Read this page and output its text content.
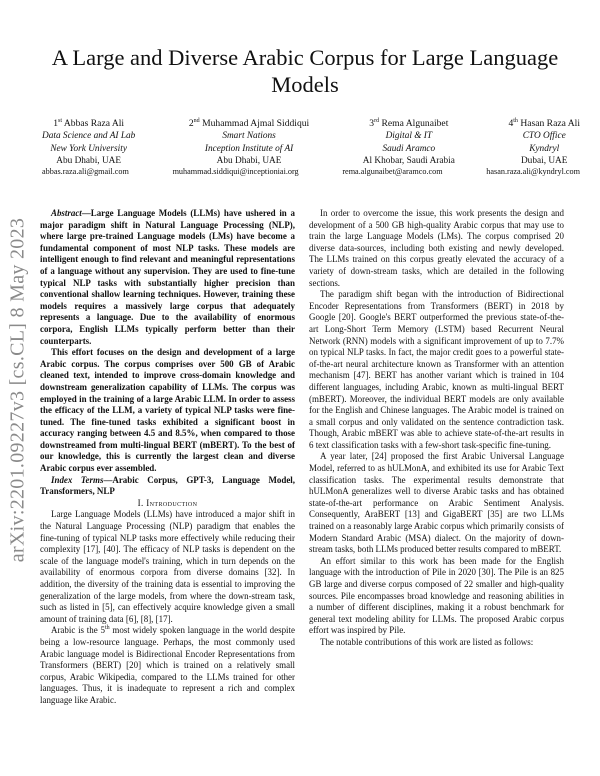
arXiv:2201.09227v3 [cs.CL] 8 May 2023
A Large and Diverse Arabic Corpus for Large Language Models
1st Abbas Raza Ali
Data Science and AI Lab
New York University
Abu Dhabi, UAE
2nd Muhammad Ajmal Siddiqui
Smart Nations
Inception Institute of AI
Abu Dhabi, UAE
3rd Rema Algunaibet
Digital & IT
Saudi Aramco
Al Khobar, Saudi Arabia
4th Hasan Raza Ali
CTO Office
Kyndryl
Dubai, UAE
abbas.raza.ali@gmail.com	muhammad.siddiqui@inceptioniai.org	rema.algunaibet@aramco.com	hasan.raza.ali@kyndryl.com

Abstract—Large Language Models (LLMs) have ushered in a major paradigm shift in Natural Language Processing (NLP), where large pre-trained Language models (LMs) have become a fundamental component of most NLP tasks. These models are intelligent enough to find relevant and meaningful representations of a language without any supervision. They are used to fine-tune typical NLP tasks with substantially higher precision than conventional shallow learning techniques. However, training these models requires a massively large corpus that adequately represents a language. Due to the availability of enormous corpora, English LLMs typically perform better than their counterparts.

This effort focuses on the design and development of a large Arabic corpus. The corpus comprises over 500 GB of Arabic cleaned text, intended to improve cross-domain knowledge and downstream generalization capability of LLMs. The corpus was employed in the training of a large Arabic LLM. In order to assess the efficacy of the LLM, a variety of typical NLP tasks were fine-tuned. The fine-tuned tasks exhibited a significant boost in accuracy ranging between 4.5 and 8.5%, when compared to those downstreamed from multi-lingual BERT (mBERT). To the best of our knowledge, this is currently the largest clean and diverse Arabic corpus ever assembled.

Index Terms—Arabic Corpus, GPT-3, Language Model, Transformers, NLP

I. Introduction

Large Language Models (LLMs) have introduced a major shift in the Natural Language Processing (NLP) paradigm that enables the fine-tuning of typical NLP tasks more effectively while reducing their complexity [17], [40]. The efficacy of NLP tasks is dependent on the scale of the language model's training, which in turn depends on the availability of enormous corpora from diverse domains [32]. In addition, the diversity of the training data is essential to improving the generalization of the large models, from where the down-stream task, such as listed in [5], can effectively acquire knowledge given a small amount of training data [6], [8], [17].

Arabic is the 5th most widely spoken language in the world despite being a low-resource language. Perhaps, the most commonly used Arabic language model is Bidirectional Encoder Representations from Transformers (BERT) [20] which is trained on a relatively small corpus, Arabic Wikipedia, compared to the LLMs trained for other languages. Thus, it is inadequate to represent a rich and complex language like Arabic.

In order to overcome the issue, this work presents the design and development of a 500 GB high-quality Arabic corpus that may use to train the large Language Models (LMs). The corpus comprised 20 diverse data-sources, including both existing and newly developed. The LLMs trained on this corpus greatly elevated the accuracy of a variety of down-stream tasks, which are detailed in the following sections.

The paradigm shift began with the introduction of Bidirectional Encoder Representations from Transformers (BERT) in 2018 by Google [20]. Google's BERT outperformed the previous state-of-the-art Long-Short Term Memory (LSTM) based Recurrent Neural Network (RNN) models with a significant improvement of up to 7.7% on typical NLP tasks. In fact, the major credit goes to a powerful state-of-the-art neural architecture known as Transformer with an attention mechanism [47]. BERT has another variant which is trained in 104 different languages, including Arabic, known as multi-lingual BERT (mBERT). Moreover, the individual BERT models are only available for the English and Chinese languages. The Arabic model is trained on a small corpus and only validated on the sentence contradiction task. Though, Arabic mBERT was able to achieve state-of-the-art results in 6 text classification tasks with a few-short task-specific fine-tuning.

A year later, [24] proposed the first Arabic Universal Language Model, referred to as hULMonA, and exhibited its use for Arabic Text classification tasks. The experimental results demonstrate that hULMonA generalizes well to diverse Arabic tasks and has obtained state-of-the-art performance on Arabic Sentiment Analysis. Consequently, AraBERT [13] and GigaBERT [35] are two LLMs trained on a reasonably large Arabic corpus which primarily consists of Modern Standard Arabic (MSA) dialect. On the majority of down-stream tasks, both LLMs produced better results compared to mBERT.

An effort similar to this work has been made for the English language with the introduction of Pile in 2020 [30]. The Pile is an 825 GB large and diverse corpus composed of 22 smaller and high-quality sources. Pile encompasses broad knowledge and reasoning abilities in a number of different disciplines, making it a robust benchmark for general text modeling ability for LLMs. The proposed Arabic corpus effort was inspired by Pile.

The notable contributions of this work are listed as follows:
